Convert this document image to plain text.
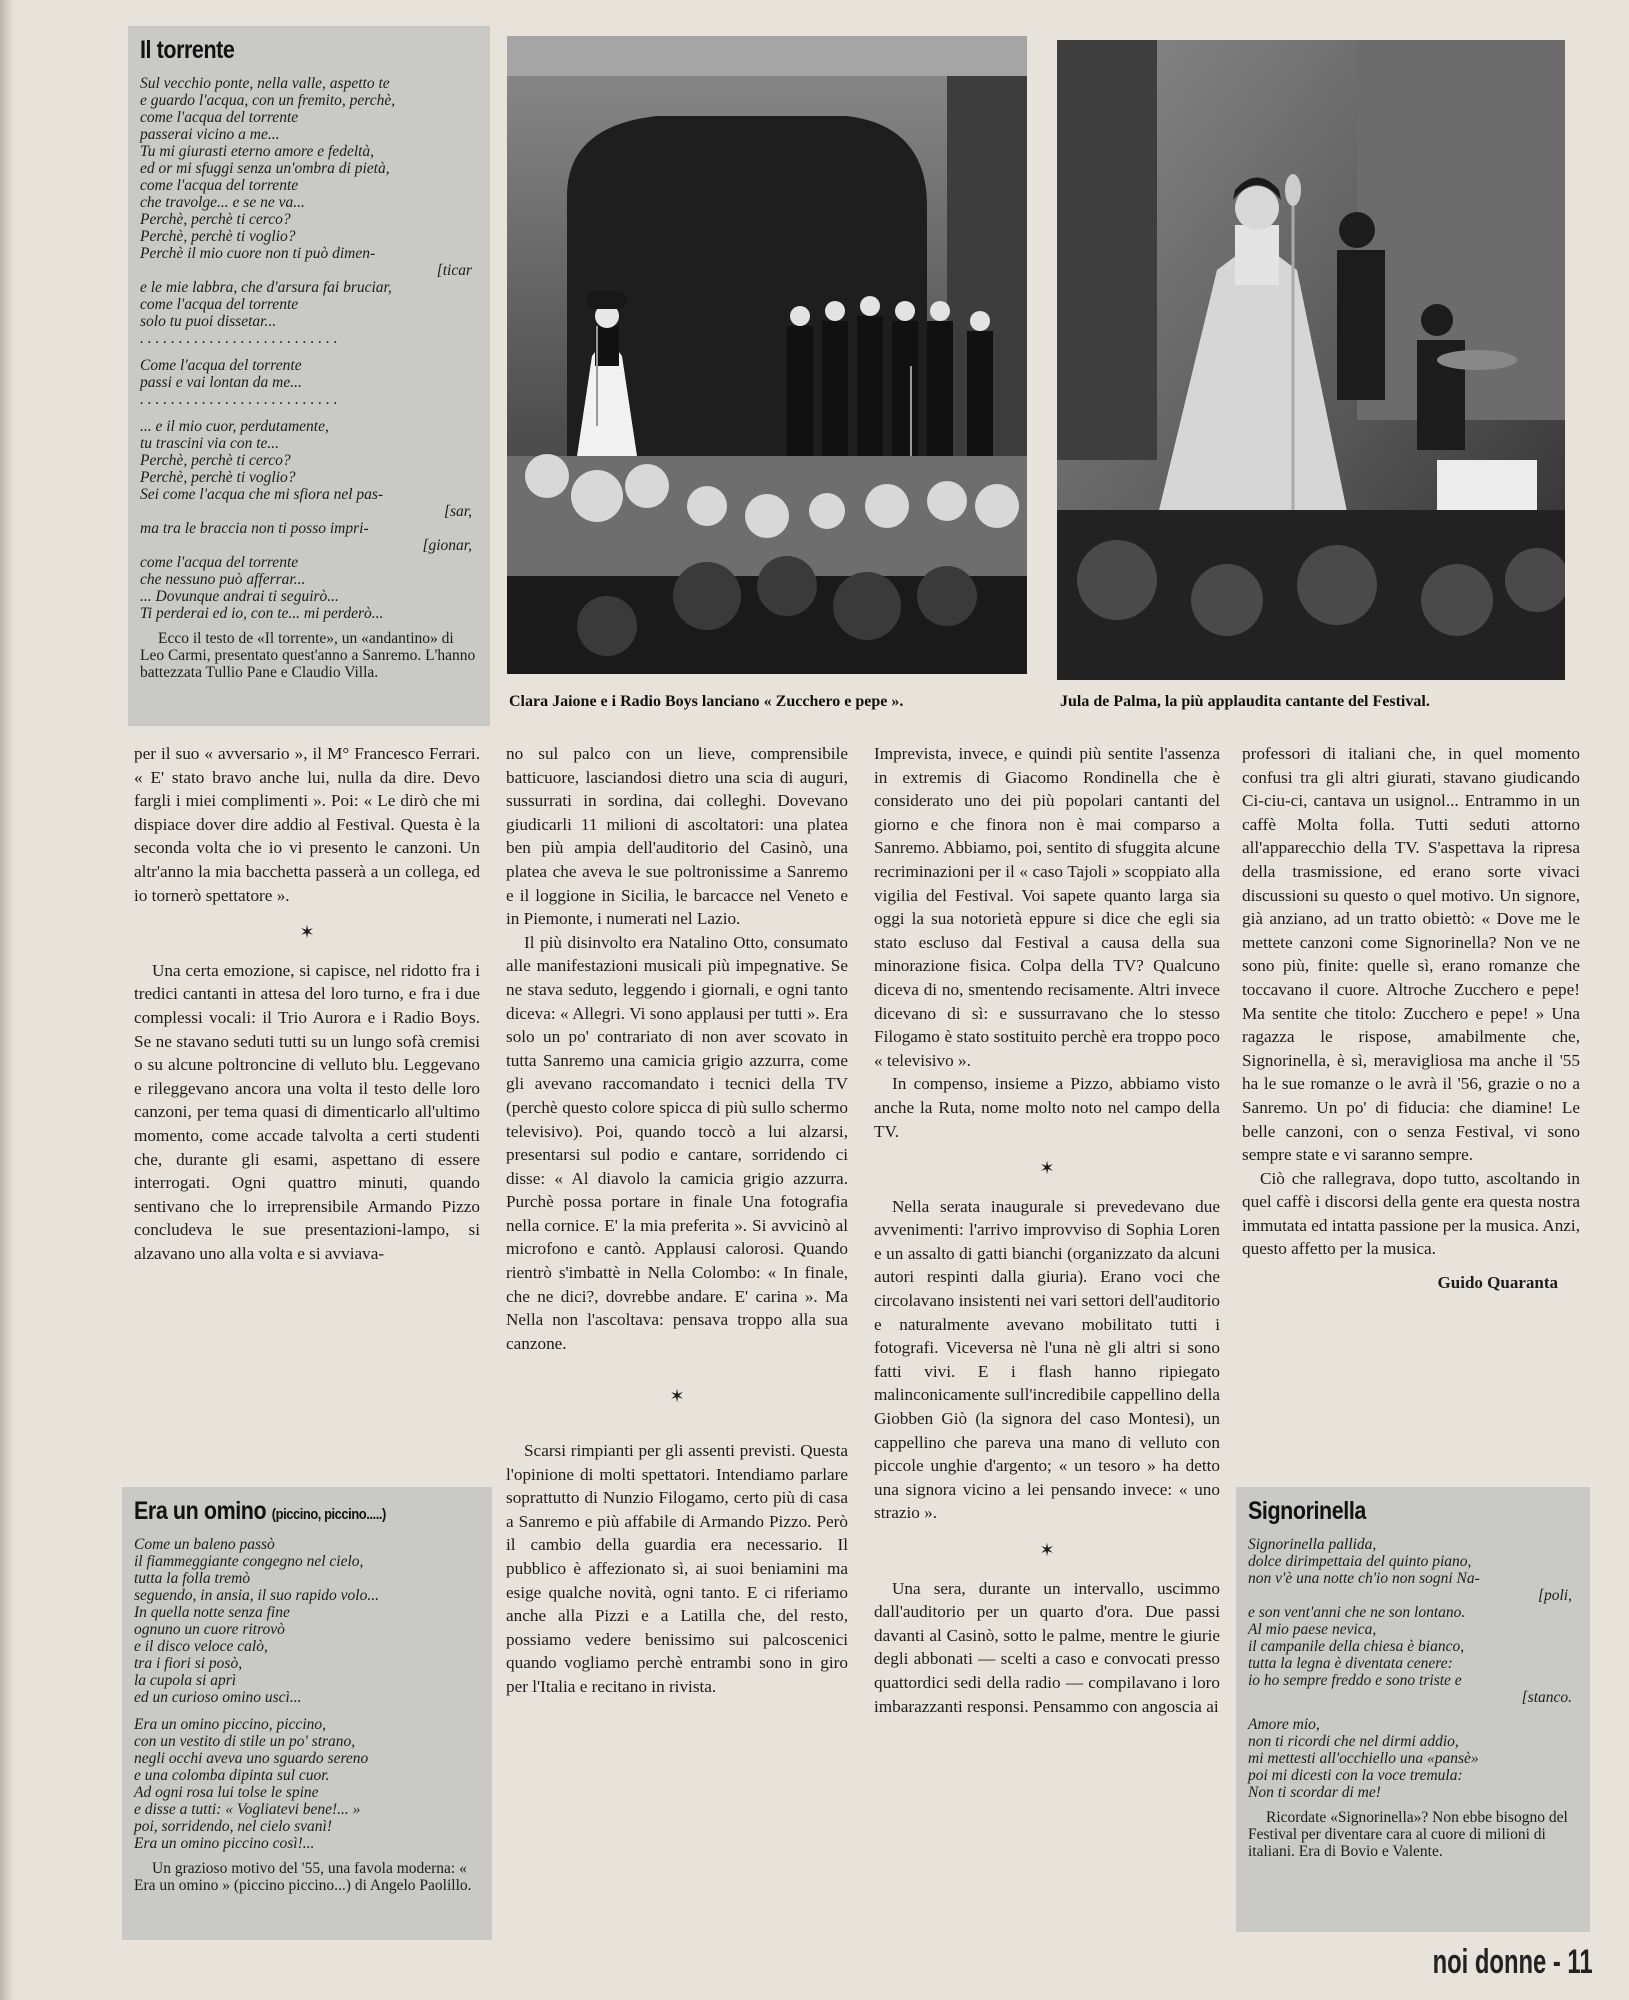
Il torrente
Sul vecchio ponte, nella valle, aspetto te
e guardo l'acqua, con un fremito, perchè,
come l'acqua del torrente
passerai vicino a me...
Tu mi giurasti eterno amore e fedeltà,
ed or mi sfuggi senza un'ombra di pietà,
come l'acqua del torrente
che travolge... e se ne va...
Perchè, perchè ti cerco?
Perchè, perchè ti voglio?
Perchè il mio cuore non ti può dimen-
[ticar
e le mie labbra, che d'arsura fai bruciar,
come l'acqua del torrente
solo tu puoi dissetar...
. . . . . . . . . . . . . . . . . . . . . . . . . .
Come l'acqua del torrente
passi e vai lontan da me...
. . . . . . . . . . . . . . . . . . . . . . . . . .
... e il mio cuor, perdutamente,
tu trascini via con te...
Perchè, perchè ti cerco?
Perchè, perchè ti voglio?
Sei come l'acqua che mi sfiora nel pas-
[sar,
ma tra le braccia non ti posso impri-
[gionar,
come l'acqua del torrente
che nessuno può afferrar...
... Dovunque andrai ti seguirò...
Ti perderai ed io, con te... mi perderò...

Ecco il testo de «Il torrente», un «andantino» di Leo Carmi, presentato quest'anno a Sanremo. L'hanno battezzata Tullio Pane e Claudio Villa.

Clara Jaione e i Radio Boys lanciano « Zucchero e pepe ».	Jula de Palma, la più applaudita cantante del Festival.

per il suo « avversario », il M° Francesco Ferrari. « E' stato bravo anche lui, nulla da dire. Devo fargli i miei complimenti ». Poi: « Le dirò che mi dispiace dover dire addio al Festival. Questa è la seconda volta che io vi presento le canzoni. Un altr'anno la mia bacchetta passerà a un collega, ed io tornerò spettatore ».

✶

Una certa emozione, si capisce, nel ridotto fra i tredici cantanti in attesa del loro turno, e fra i due complessi vocali: il Trio Aurora e i Radio Boys. Se ne stavano seduti tutti su un lungo sofà cremisi o su alcune poltroncine di velluto blu. Leggevano e rileggevano ancora una volta il testo delle loro canzoni, per tema quasi di dimenticarlo all'ultimo momento, come accade talvolta a certi studenti che, durante gli esami, aspettano di essere interrogati. Ogni quattro minuti, quando sentivano che lo irreprensibile Armando Pizzo concludeva le sue presentazioni-lampo, si alzavano uno alla volta e si avviava-

Era un omino (piccino, piccino.....)
Come un baleno passò
il fiammeggiante congegno nel cielo,
tutta la folla tremò
seguendo, in ansia, il suo rapido volo...
In quella notte senza fine
ognuno un cuore ritrovò
e il disco veloce calò,
tra i fiori si posò,
la cupola si aprì
ed un curioso omino uscì...
Era un omino piccino, piccino,
con un vestito di stile un po' strano,
negli occhi aveva uno sguardo sereno
e una colomba dipinta sul cuor.
Ad ogni rosa lui tolse le spine
e disse a tutti: « Vogliatevi bene!... »
poi, sorridendo, nel cielo svanì!
Era un omino piccino così!...

Un grazioso motivo del '55, una favola moderna: « Era un omino » (piccino piccino...) di Angelo Paolillo.

no sul palco con un lieve, comprensibile batticuore, lasciandosi dietro una scia di auguri, sussurrati in sordina, dai colleghi. Dovevano giudicarli 11 milioni di ascoltatori: una platea ben più ampia dell'auditorio del Casinò, una platea che aveva le sue poltronissime a Sanremo e il loggione in Sicilia, le barcacce nel Veneto e in Piemonte, i numerati nel Lazio.

Il più disinvolto era Natalino Otto, consumato alle manifestazioni musicali più impegnative. Se ne stava seduto, leggendo i giornali, e ogni tanto diceva: « Allegri. Vi sono applausi per tutti ». Era solo un po' contrariato di non aver scovato in tutta Sanremo una camicia grigio azzurra, come gli avevano raccomandato i tecnici della TV (perchè questo colore spicca di più sullo schermo televisivo). Poi, quando toccò a lui alzarsi, presentarsi sul podio e cantare, sorridendo ci disse: « Al diavolo la camicia grigio azzurra. Purchè possa portare in finale Una fotografia nella cornice. E' la mia preferita ». Si avvicinò al microfono e cantò. Applausi calorosi. Quando rientrò s'imbattè in Nella Colombo: « In finale, che ne dici?, dovrebbe andare. E' carina ». Ma Nella non l'ascoltava: pensava troppo alla sua canzone.

✶

Scarsi rimpianti per gli assenti previsti. Questa l'opinione di molti spettatori. Intendiamo parlare soprattutto di Nunzio Filogamo, certo più di casa a Sanremo e più affabile di Armando Pizzo. Però il cambio della guardia era necessario. Il pubblico è affezionato sì, ai suoi beniamini ma esige qualche novità, ogni tanto. E ci riferiamo anche alla Pizzi e a Latilla che, del resto, possiamo vedere benissimo sui palcoscenici quando vogliamo perchè entrambi sono in giro per l'Italia e recitano in rivista.

Imprevista, invece, e quindi più sentite l'assenza in extremis di Giacomo Rondinella che è considerato uno dei più popolari cantanti del giorno e che finora non è mai comparso a Sanremo. Abbiamo, poi, sentito di sfuggita alcune recriminazioni per il « caso Tajoli » scoppiato alla vigilia del Festival. Voi sapete quanto larga sia oggi la sua notorietà eppure si dice che egli sia stato escluso dal Festival a causa della sua minorazione fisica. Colpa della TV? Qualcuno diceva di no, smentendo recisamente. Altri invece dicevano di sì: e sussurravano che lo stesso Filogamo è stato sostituito perchè era troppo poco « televisivo ».

In compenso, insieme a Pizzo, abbiamo visto anche la Ruta, nome molto noto nel campo della TV.

✶

Nella serata inaugurale si prevedevano due avvenimenti: l'arrivo improvviso di Sophia Loren e un assalto di gatti bianchi (organizzato da alcuni autori respinti dalla giuria). Erano voci che circolavano insistenti nei vari settori dell'auditorio e naturalmente avevano mobilitato tutti i fotografi. Viceversa nè l'una nè gli altri si sono fatti vivi. E i flash hanno ripiegato malinconicamente sull'incredibile cappellino della Giobben Giò (la signora del caso Montesi), un cappellino che pareva una mano di velluto con piccole unghie d'argento; « un tesoro » ha detto una signora vicino a lei pensando invece: « uno strazio ».

✶

Una sera, durante un intervallo, uscimmo dall'auditorio per un quarto d'ora. Due passi davanti al Casinò, sotto le palme, mentre le giurie degli abbonati — scelti a caso e convocati presso quattordici sedi della radio — compilavano i loro imbarazzanti responsi. Pensammo con angoscia ai

professori di italiani che, in quel momento confusi tra gli altri giurati, stavano giudicando Ci-ciu-ci, cantava un usignol... Entrammo in un caffè Molta folla. Tutti seduti attorno all'apparecchio della TV. S'aspettava la ripresa della trasmissione, ed erano sorte vivaci discussioni su questo o quel motivo. Un signore, già anziano, ad un tratto obiettò: « Dove me le mettete canzoni come Signorinella? Non ve ne sono più, finite: quelle sì, erano romanze che toccavano il cuore. Altroche Zucchero e pepe! Ma sentite che titolo: Zucchero e pepe! » Una ragazza le rispose, amabilmente che, Signorinella, è sì, meravigliosa ma anche il '55 ha le sue romanze o le avrà il '56, grazie o no a Sanremo. Un po' di fiducia: che diamine! Le belle canzoni, con o senza Festival, vi sono sempre state e vi saranno sempre.

Ciò che rallegrava, dopo tutto, ascoltando in quel caffè i discorsi della gente era questa nostra immutata ed intatta passione per la musica. Anzi, questo affetto per la musica.

Guido Quaranta
Signorinella
Signorinella pallida,
dolce dirimpettaia del quinto piano,
non v'è una notte ch'io non sogni Na-
[poli,
e son vent'anni che ne son lontano.
Al mio paese nevica,
il campanile della chiesa è bianco,
tutta la legna è diventata cenere:
io ho sempre freddo e sono triste e
[stanco.
Amore mio,
non ti ricordi che nel dirmi addio,
mi mettesti all'occhiello una «pansè»
poi mi dicesti con la voce tremula:
Non ti scordar di me!

Ricordate «Signorinella»? Non ebbe bisogno del Festival per diventare cara al cuore di milioni di italiani. Era di Bovio e Valente.

noi donne - 11
